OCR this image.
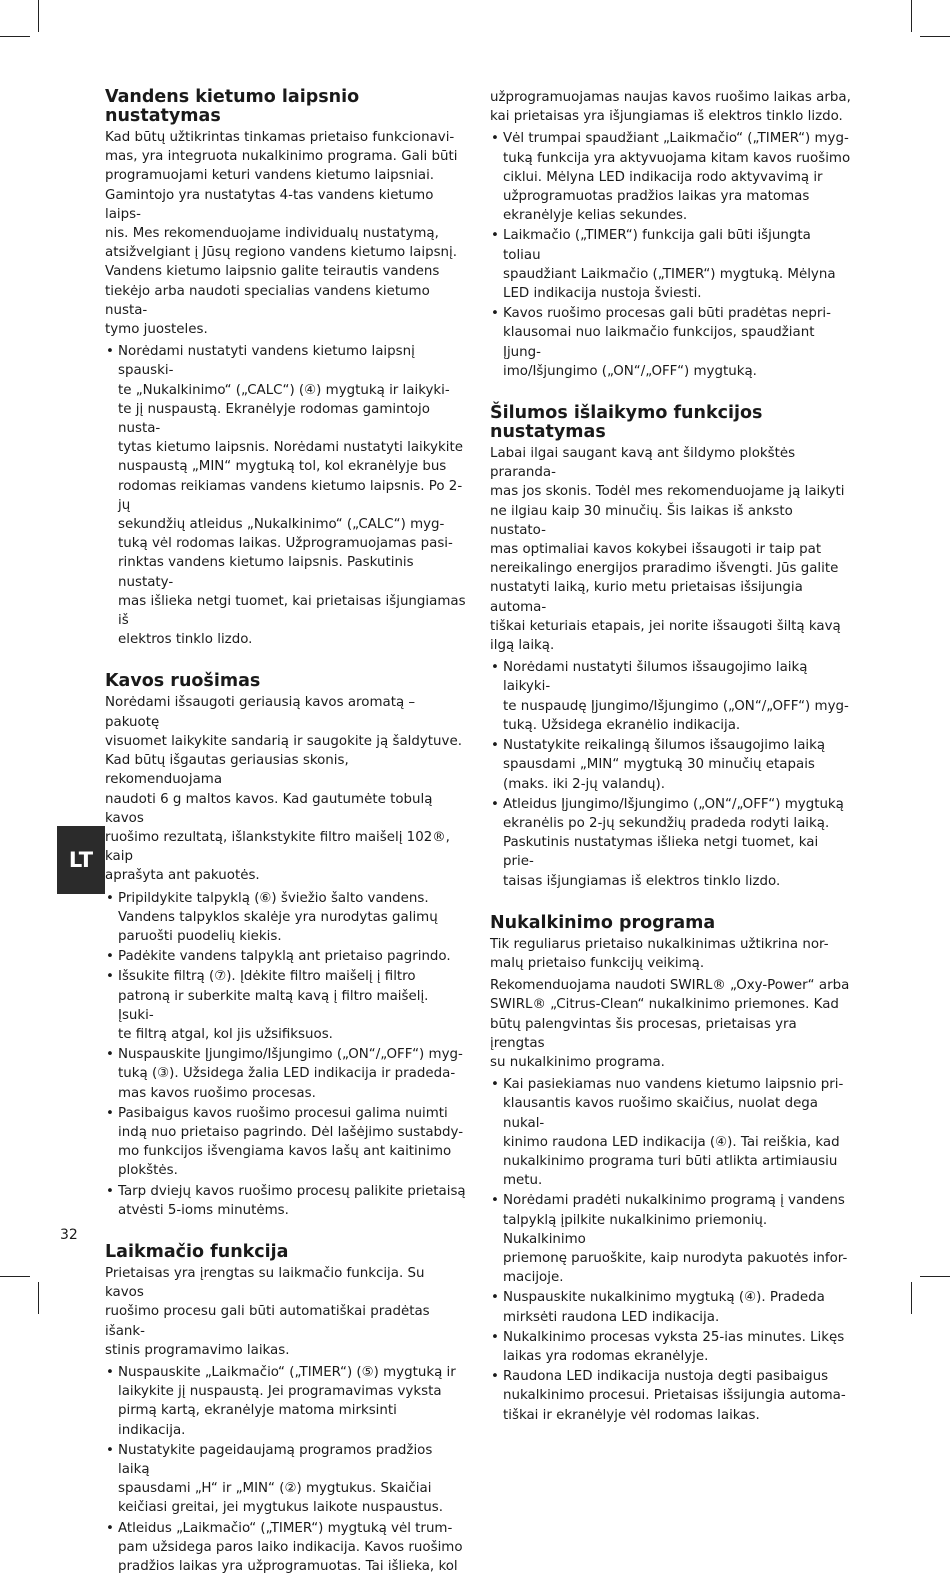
Vandens kietumo laipsnio nustatymas

Kad būtų užtikrintas tinkamas prietaiso funkcionavi-
mas, yra integruota nukalkinimo programa. Gali būti
programuojami keturi vandens kietumo laipsniai.
Gamintojo yra nustatytas 4-tas vandens kietumo laips-
nis. Mes rekomenduojame individualų nustatymą,
atsižvelgiant į Jūsų regiono vandens kietumo laipsnį.
Vandens kietumo laipsnio galite teirautis vandens
tiekėjo arba naudoti specialias vandens kietumo nusta-
tymo juosteles.

• Norėdami nustatyti vandens kietumo laipsnį spauski-
te „Nukalkinimo“ („CALC“) (④) mygtuką ir laikyki-
te jį nuspaustą. Ekranėlyje rodomas gamintojo nusta-
tytas kietumo laipsnis. Norėdami nustatyti laikykite
nuspaustą „MIN“ mygtuką tol, kol ekranėlyje bus
rodomas reikiamas vandens kietumo laipsnis. Po 2-jų
sekundžių atleidus „Nukalkinimo“ („CALC“) myg-
tuką vėl rodomas laikas. Užprogramuojamas pasi-
rinktas vandens kietumo laipsnis. Paskutinis nustaty-
mas išlieka netgi tuomet, kai prietaisas išjungiamas iš
elektros tinklo lizdo.
Kavos ruošimas

Norėdami išsaugoti geriausią kavos aromatą – pakuotę
visuomet laikykite sandarią ir saugokite ją šaldytuve.
Kad būtų išgautas geriausias skonis, rekomenduojama
naudoti 6 g maltos kavos. Kad gautumėte tobulą kavos
ruošimo rezultatą, išlankstykite filtro maišelį 102®, kaip
aprašyta ant pakuotės.

• Pripildykite talpyklą (⑥) šviežio šalto vandens.
Vandens talpyklos skalėje yra nurodytas galimų
paruošti puodelių kiekis.
• Padėkite vandens talpyklą ant prietaiso pagrindo.
• Išsukite filtrą (⑦). Įdėkite filtro maišelį į filtro
patroną ir suberkite maltą kavą į filtro maišelį. Įsuki-
te filtrą atgal, kol jis užsifiksuos.
• Nuspauskite Įjungimo/Išjungimo („ON“/„OFF“) myg-
tuką (③). Užsidega žalia LED indikacija ir pradeda-
mas kavos ruošimo procesas.
• Pasibaigus kavos ruošimo procesui galima nuimti
indą nuo prietaiso pagrindo. Dėl lašėjimo sustabdy-
mo funkcijos išvengiama kavos lašų ant kaitinimo
plokštės.
• Tarp dviejų kavos ruošimo procesų palikite prietaisą
atvėsti 5-ioms minutėms.
Laikmačio funkcija

Prietaisas yra įrengtas su laikmačio funkcija. Su kavos
ruošimo procesu gali būti automatiškai pradėtas išank-
stinis programavimo laikas.

• Nuspauskite „Laikmačio“ („TIMER“) (⑤) mygtuką ir
laikykite jį nuspaustą. Jei programavimas vyksta
pirmą kartą, ekranėlyje matoma mirksinti indikacija.
• Nustatykite pageidaujamą programos pradžios laiką
spausdami „H“ ir „MIN“ (②) mygtukus. Skaičiai
keičiasi greitai, jei mygtukus laikote nuspaustus.
• Atleidus „Laikmačio“ („TIMER“) mygtuką vėl trum-
pam užsidega paros laiko indikacija. Kavos ruošimo
pradžios laikas yra užprogramuotas. Tai išlieka, kol

užprogramuojamas naujas kavos ruošimo laikas arba,
kai prietaisas yra išjungiamas iš elektros tinklo lizdo.

• Vėl trumpai spaudžiant „Laikmačio“ („TIMER“) myg-
tuką funkcija yra aktyvuojama kitam kavos ruošimo
ciklui. Mėlyna LED indikacija rodo aktyvavimą ir
užprogramuotas pradžios laikas yra matomas
ekranėlyje kelias sekundes.
• Laikmačio („TIMER“) funkcija gali būti išjungta toliau
spaudžiant Laikmačio („TIMER“) mygtuką. Mėlyna
LED indikacija nustoja šviesti.
• Kavos ruošimo procesas gali būti pradėtas nepri-
klausomai nuo laikmačio funkcijos, spaudžiant Įjung-
imo/Išjungimo („ON“/„OFF“) mygtuką.
Šilumos išlaikymo funkcijos
nustatymas

Labai ilgai saugant kavą ant šildymo plokštės praranda-
mas jos skonis. Todėl mes rekomenduojame ją laikyti
ne ilgiau kaip 30 minučių. Šis laikas iš anksto nustato-
mas optimaliai kavos kokybei išsaugoti ir taip pat
nereikalingo energijos praradimo išvengti. Jūs galite
nustatyti laiką, kurio metu prietaisas išsijungia automa-
tiškai keturiais etapais, jei norite išsaugoti šiltą kavą
ilgą laiką.

• Norėdami nustatyti šilumos išsaugojimo laiką laikyki-
te nuspaudę Įjungimo/Išjungimo („ON“/„OFF“) myg-
tuką. Užsidega ekranėlio indikacija.
• Nustatykite reikalingą šilumos išsaugojimo laiką
spausdami „MIN“ mygtuką 30 minučių etapais
(maks. iki 2-jų valandų).
• Atleidus Įjungimo/Išjungimo („ON“/„OFF“) mygtuką
ekranėlis po 2-jų sekundžių pradeda rodyti laiką.
Paskutinis nustatymas išlieka netgi tuomet, kai prie-
taisas išjungiamas iš elektros tinklo lizdo.
Nukalkinimo programa

Tik reguliarus prietaiso nukalkinimas užtikrina nor-
malų prietaiso funkcijų veikimą.

Rekomenduojama naudoti SWIRL® „Oxy-Power“ arba
SWIRL® „Citrus-Clean“ nukalkinimo priemones. Kad
būtų palengvintas šis procesas, prietaisas yra įrengtas
su nukalkinimo programa.

• Kai pasiekiamas nuo vandens kietumo laipsnio pri-
klausantis kavos ruošimo skaičius, nuolat dega nukal-
kinimo raudona LED indikacija (④). Tai reiškia, kad
nukalkinimo programa turi būti atlikta artimiausiu
metu.
• Norėdami pradėti nukalkinimo programą į vandens
talpyklą įpilkite nukalkinimo priemonių. Nukalkinimo
priemonę paruoškite, kaip nurodyta pakuotės infor-
macijoje.
• Nuspauskite nukalkinimo mygtuką (④). Pradeda
mirksėti raudona LED indikacija.
• Nukalkinimo procesas vyksta 25-ias minutes. Likęs
laikas yra rodomas ekranėlyje.
• Raudona LED indikacija nustoja degti pasibaigus
nukalkinimo procesui. Prietaisas išsijungia automa-
tiškai ir ekranėlyje vėl rodomas laikas.
LT
32
